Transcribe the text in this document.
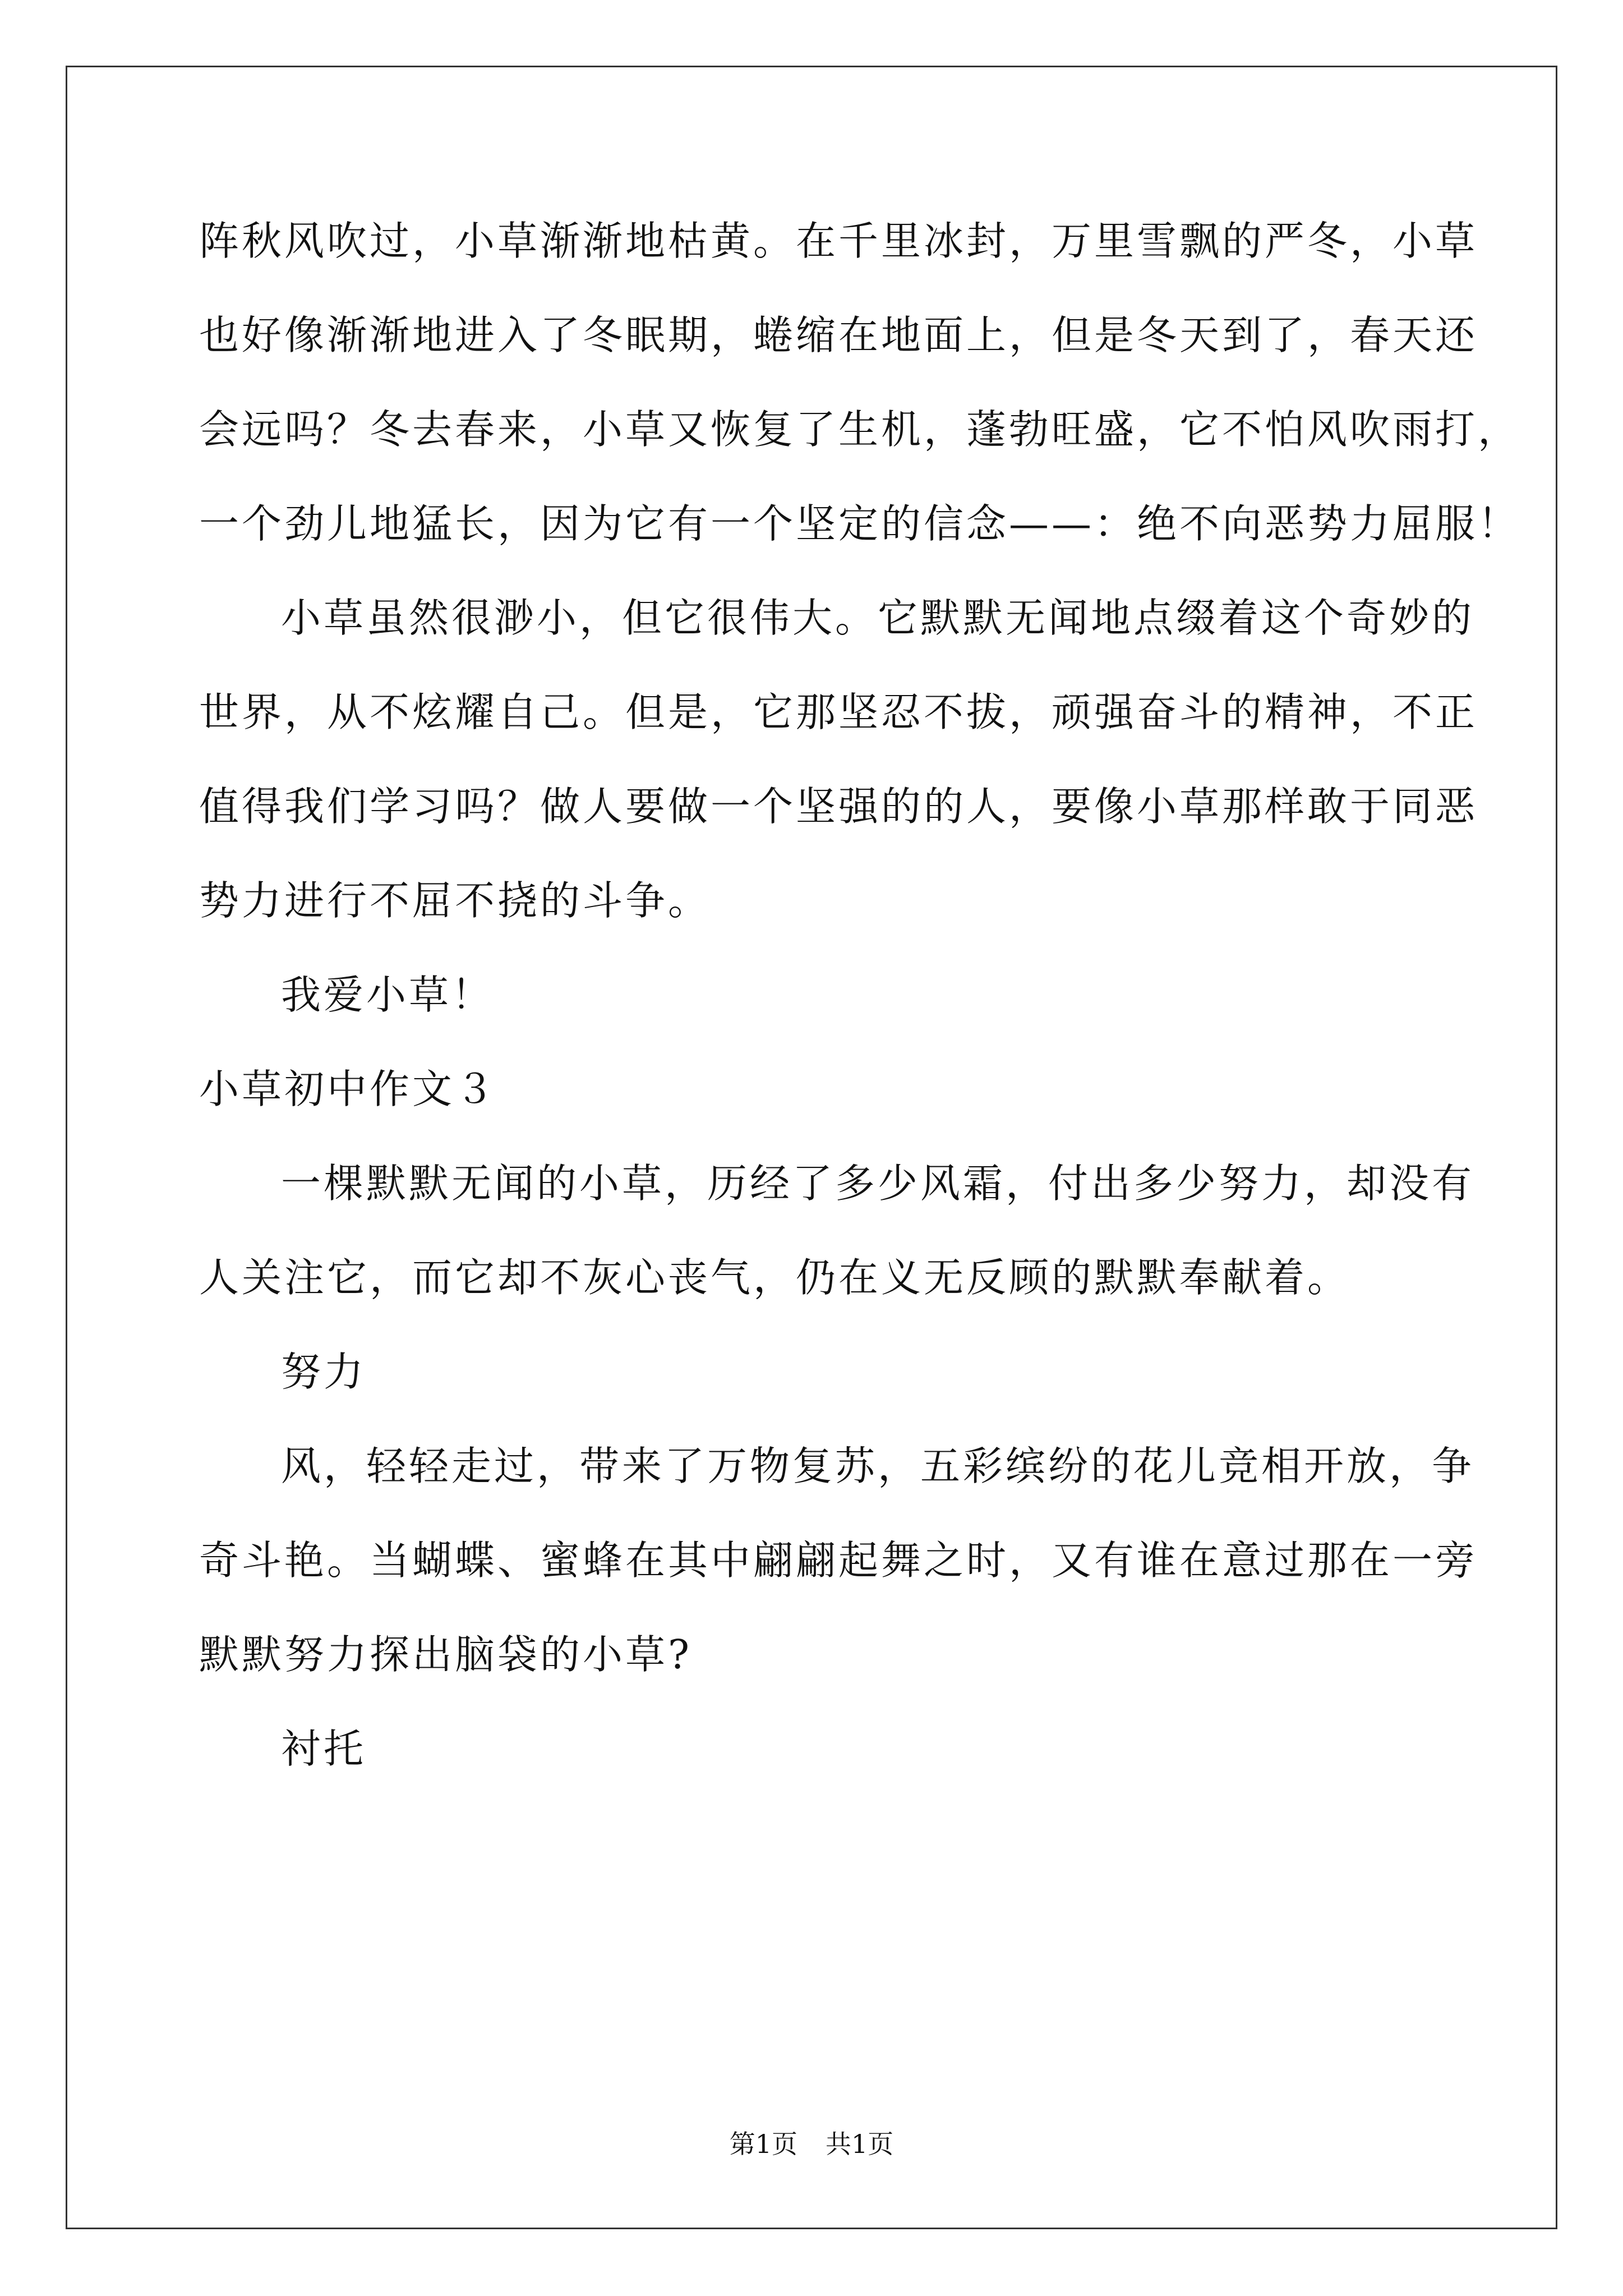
阵秋风吹过，小草渐渐地枯黄。在千里冰封，万里雪飘的严冬，小草
也好像渐渐地进入了冬眠期，蜷缩在地面上，但是冬天到了，春天还
会远吗？冬去春来，小草又恢复了生机，蓬勃旺盛，它不怕风吹雨打，
一个劲儿地猛长，因为它有一个坚定的信念——：绝不向恶势力屈服！
小草虽然很渺小，但它很伟大。它默默无闻地点缀着这个奇妙的
世界，从不炫耀自己。但是，它那坚忍不拔，顽强奋斗的精神，不正
值得我们学习吗？做人要做一个坚强的的人，要像小草那样敢于同恶
势力进行不屈不挠的斗争。
我爱小草！
小草初中作文３
一棵默默无闻的小草，历经了多少风霜，付出多少努力，却没有
人关注它，而它却不灰心丧气，仍在义无反顾的默默奉献着。
努力
风，轻轻走过，带来了万物复苏，五彩缤纷的花儿竞相开放，争
奇斗艳。当蝴蝶、蜜蜂在其中翩翩起舞之时，又有谁在意过那在一旁
默默努力探出脑袋的小草?
衬托
第1页 共1页
